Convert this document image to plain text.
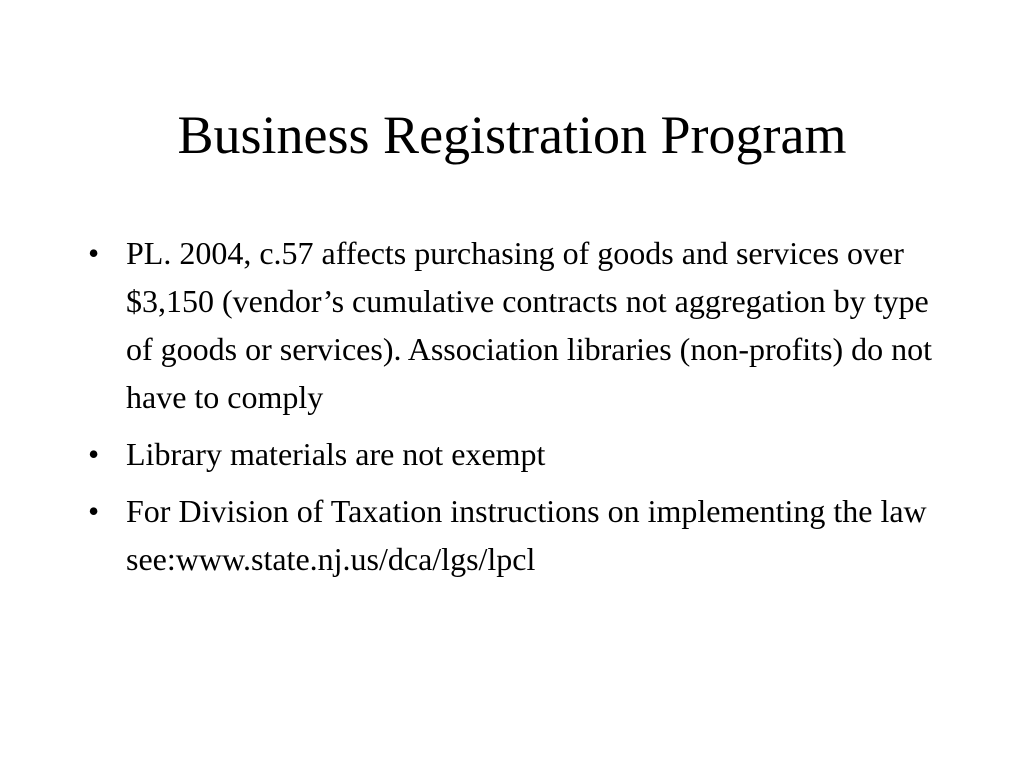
Business Registration Program
• PL. 2004, c.57 affects purchasing of goods and services over $3,150 (vendor’s cumulative contracts not aggregation by type of goods or services). Association libraries (non-profits) do not have to comply
• Library materials are not exempt
• For Division of Taxation instructions on implementing the law see:www.state.nj.us/dca/lgs/lpcl
